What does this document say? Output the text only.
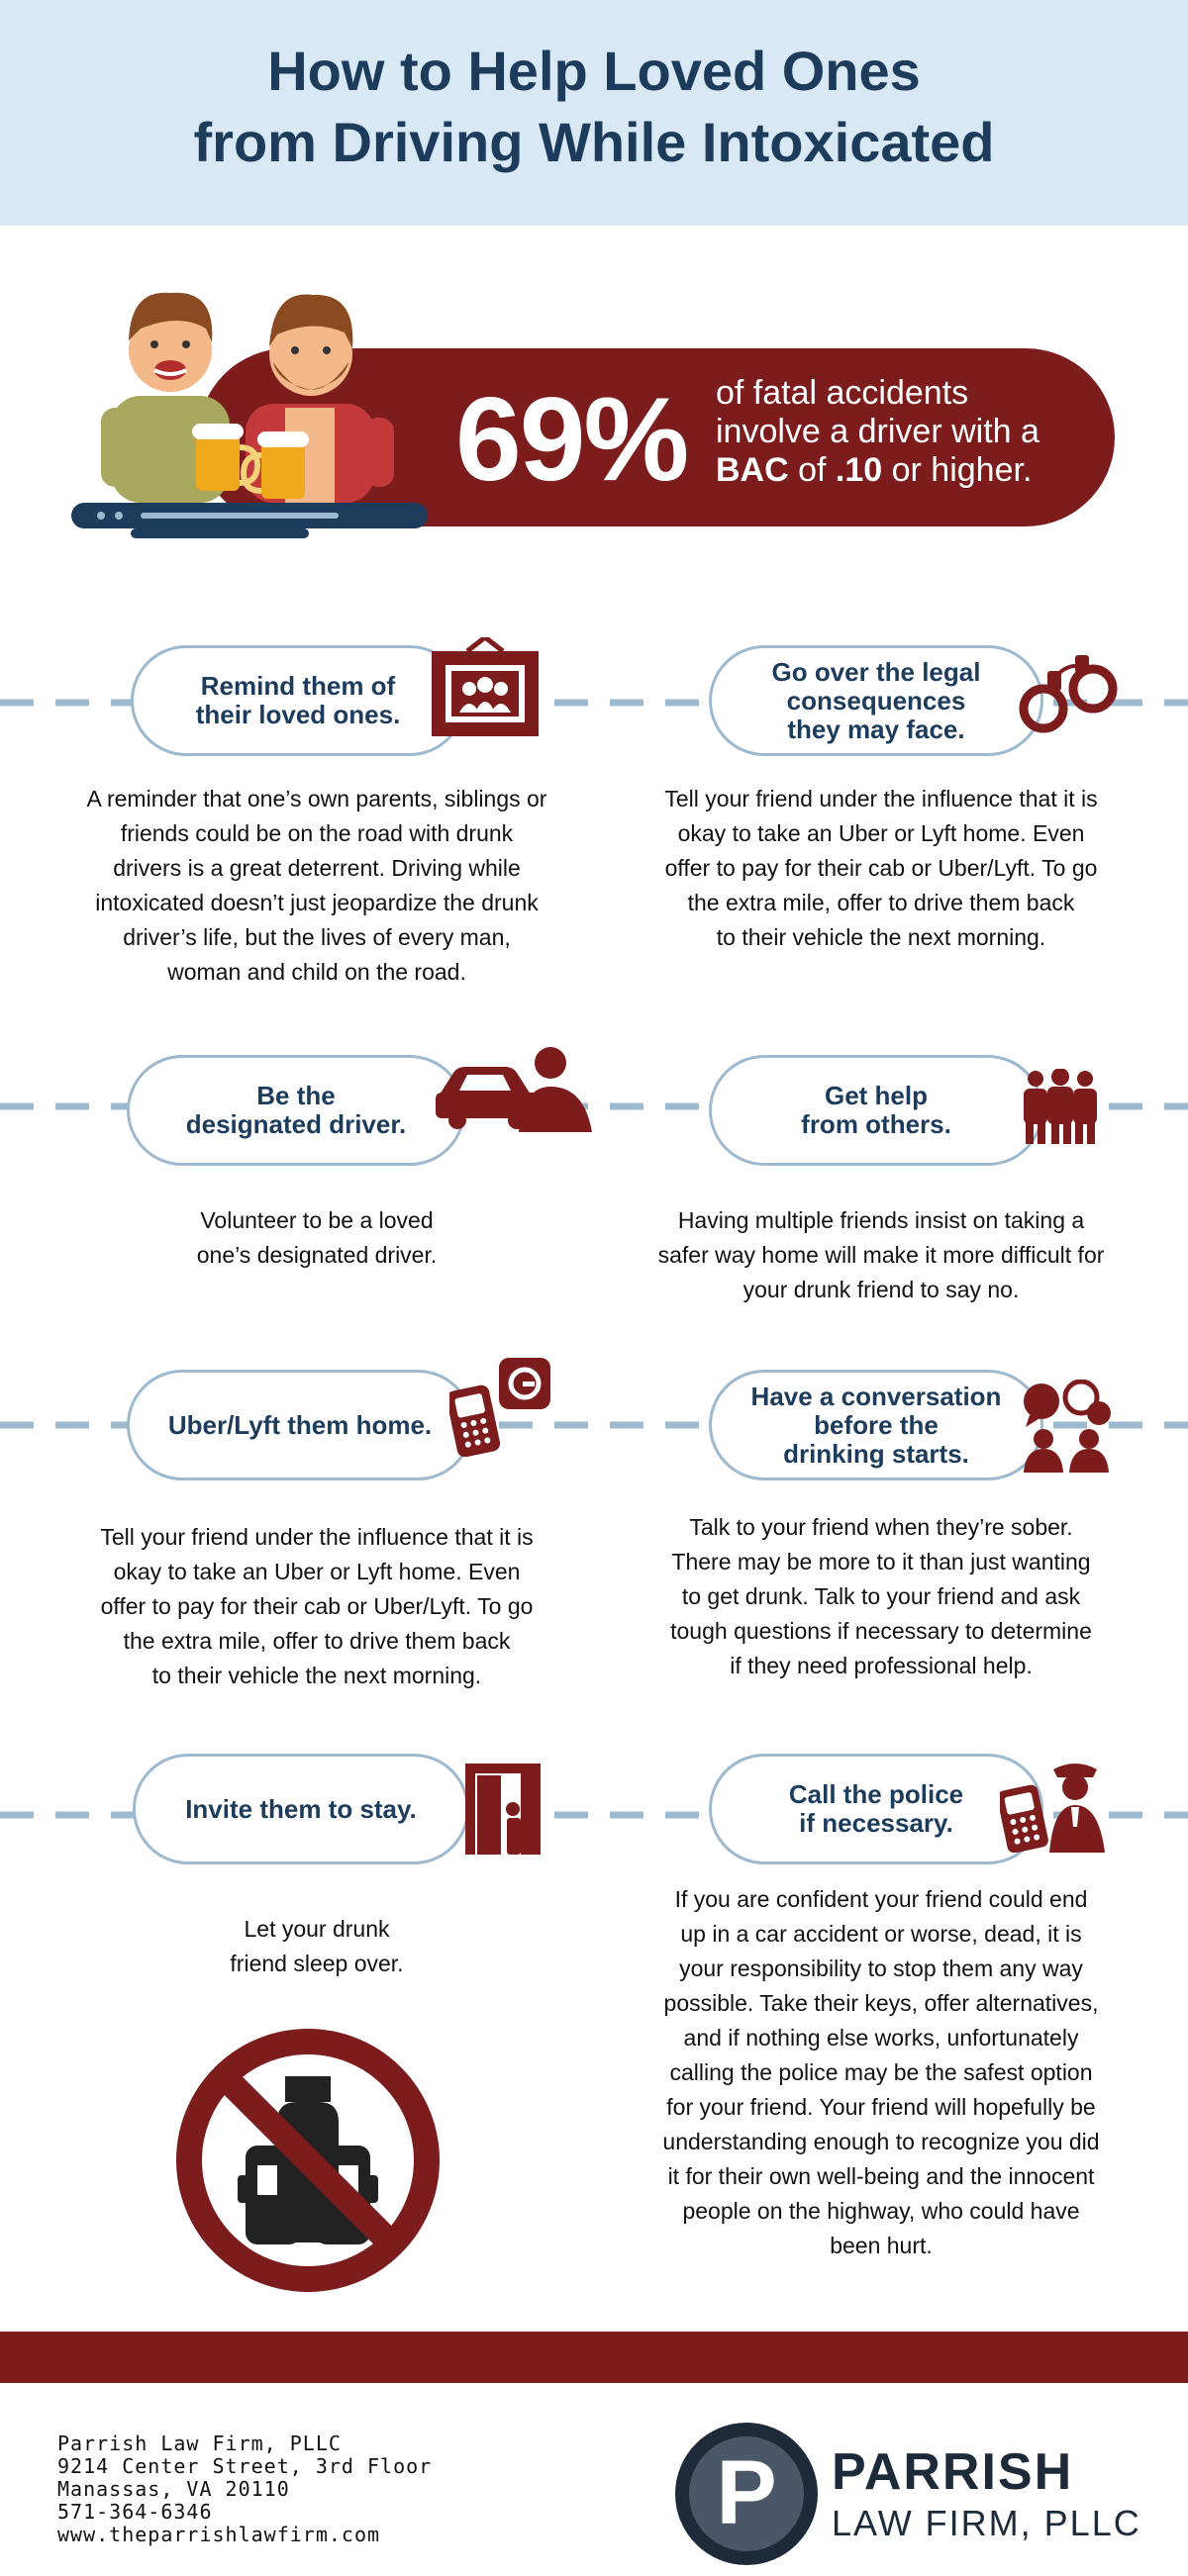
How to Help Loved Ones
from Driving While Intoxicated
69% of fatal accidents
involve a driver with a
BAC of .10 or higher.
Remind them of
their loved ones.
A reminder that one’s own parents, siblings or
friends could be on the road with drunk
drivers is a great deterrent. Driving while
intoxicated doesn’t just jeopardize the drunk
driver’s life, but the lives of every man,
woman and child on the road.
Go over the legal
consequences
they may face.
Tell your friend under the influence that it is
okay to take an Uber or Lyft home. Even
offer to pay for their cab or Uber/Lyft. To go
the extra mile, offer to drive them back
to their vehicle the next morning.
Be the
designated driver.
Volunteer to be a loved
one’s designated driver.
Get help
from others.
Having multiple friends insist on taking a
safer way home will make it more difficult for
your drunk friend to say no.
Uber/Lyft them home.
Tell your friend under the influence that it is
okay to take an Uber or Lyft home. Even
offer to pay for their cab or Uber/Lyft. To go
the extra mile, offer to drive them back
to their vehicle the next morning.
Have a conversation
before the
drinking starts.
Talk to your friend when they’re sober.
There may be more to it than just wanting
to get drunk. Talk to your friend and ask
tough questions if necessary to determine
if they need professional help.
Invite them to stay.
Let your drunk
friend sleep over.
Call the police
if necessary.
If you are confident your friend could end
up in a car accident or worse, dead, it is
your responsibility to stop them any way
possible. Take their keys, offer alternatives,
and if nothing else works, unfortunately
calling the police may be the safest option
for your friend. Your friend will hopefully be
understanding enough to recognize you did
it for their own well-being and the innocent
people on the highway, who could have
been hurt.
Parrish Law Firm, PLLC
9214 Center Street, 3rd Floor
Manassas, VA 20110
571-364-6346
www.theparrishlawfirm.com	P PARRISH
LAW FIRM, PLLC
